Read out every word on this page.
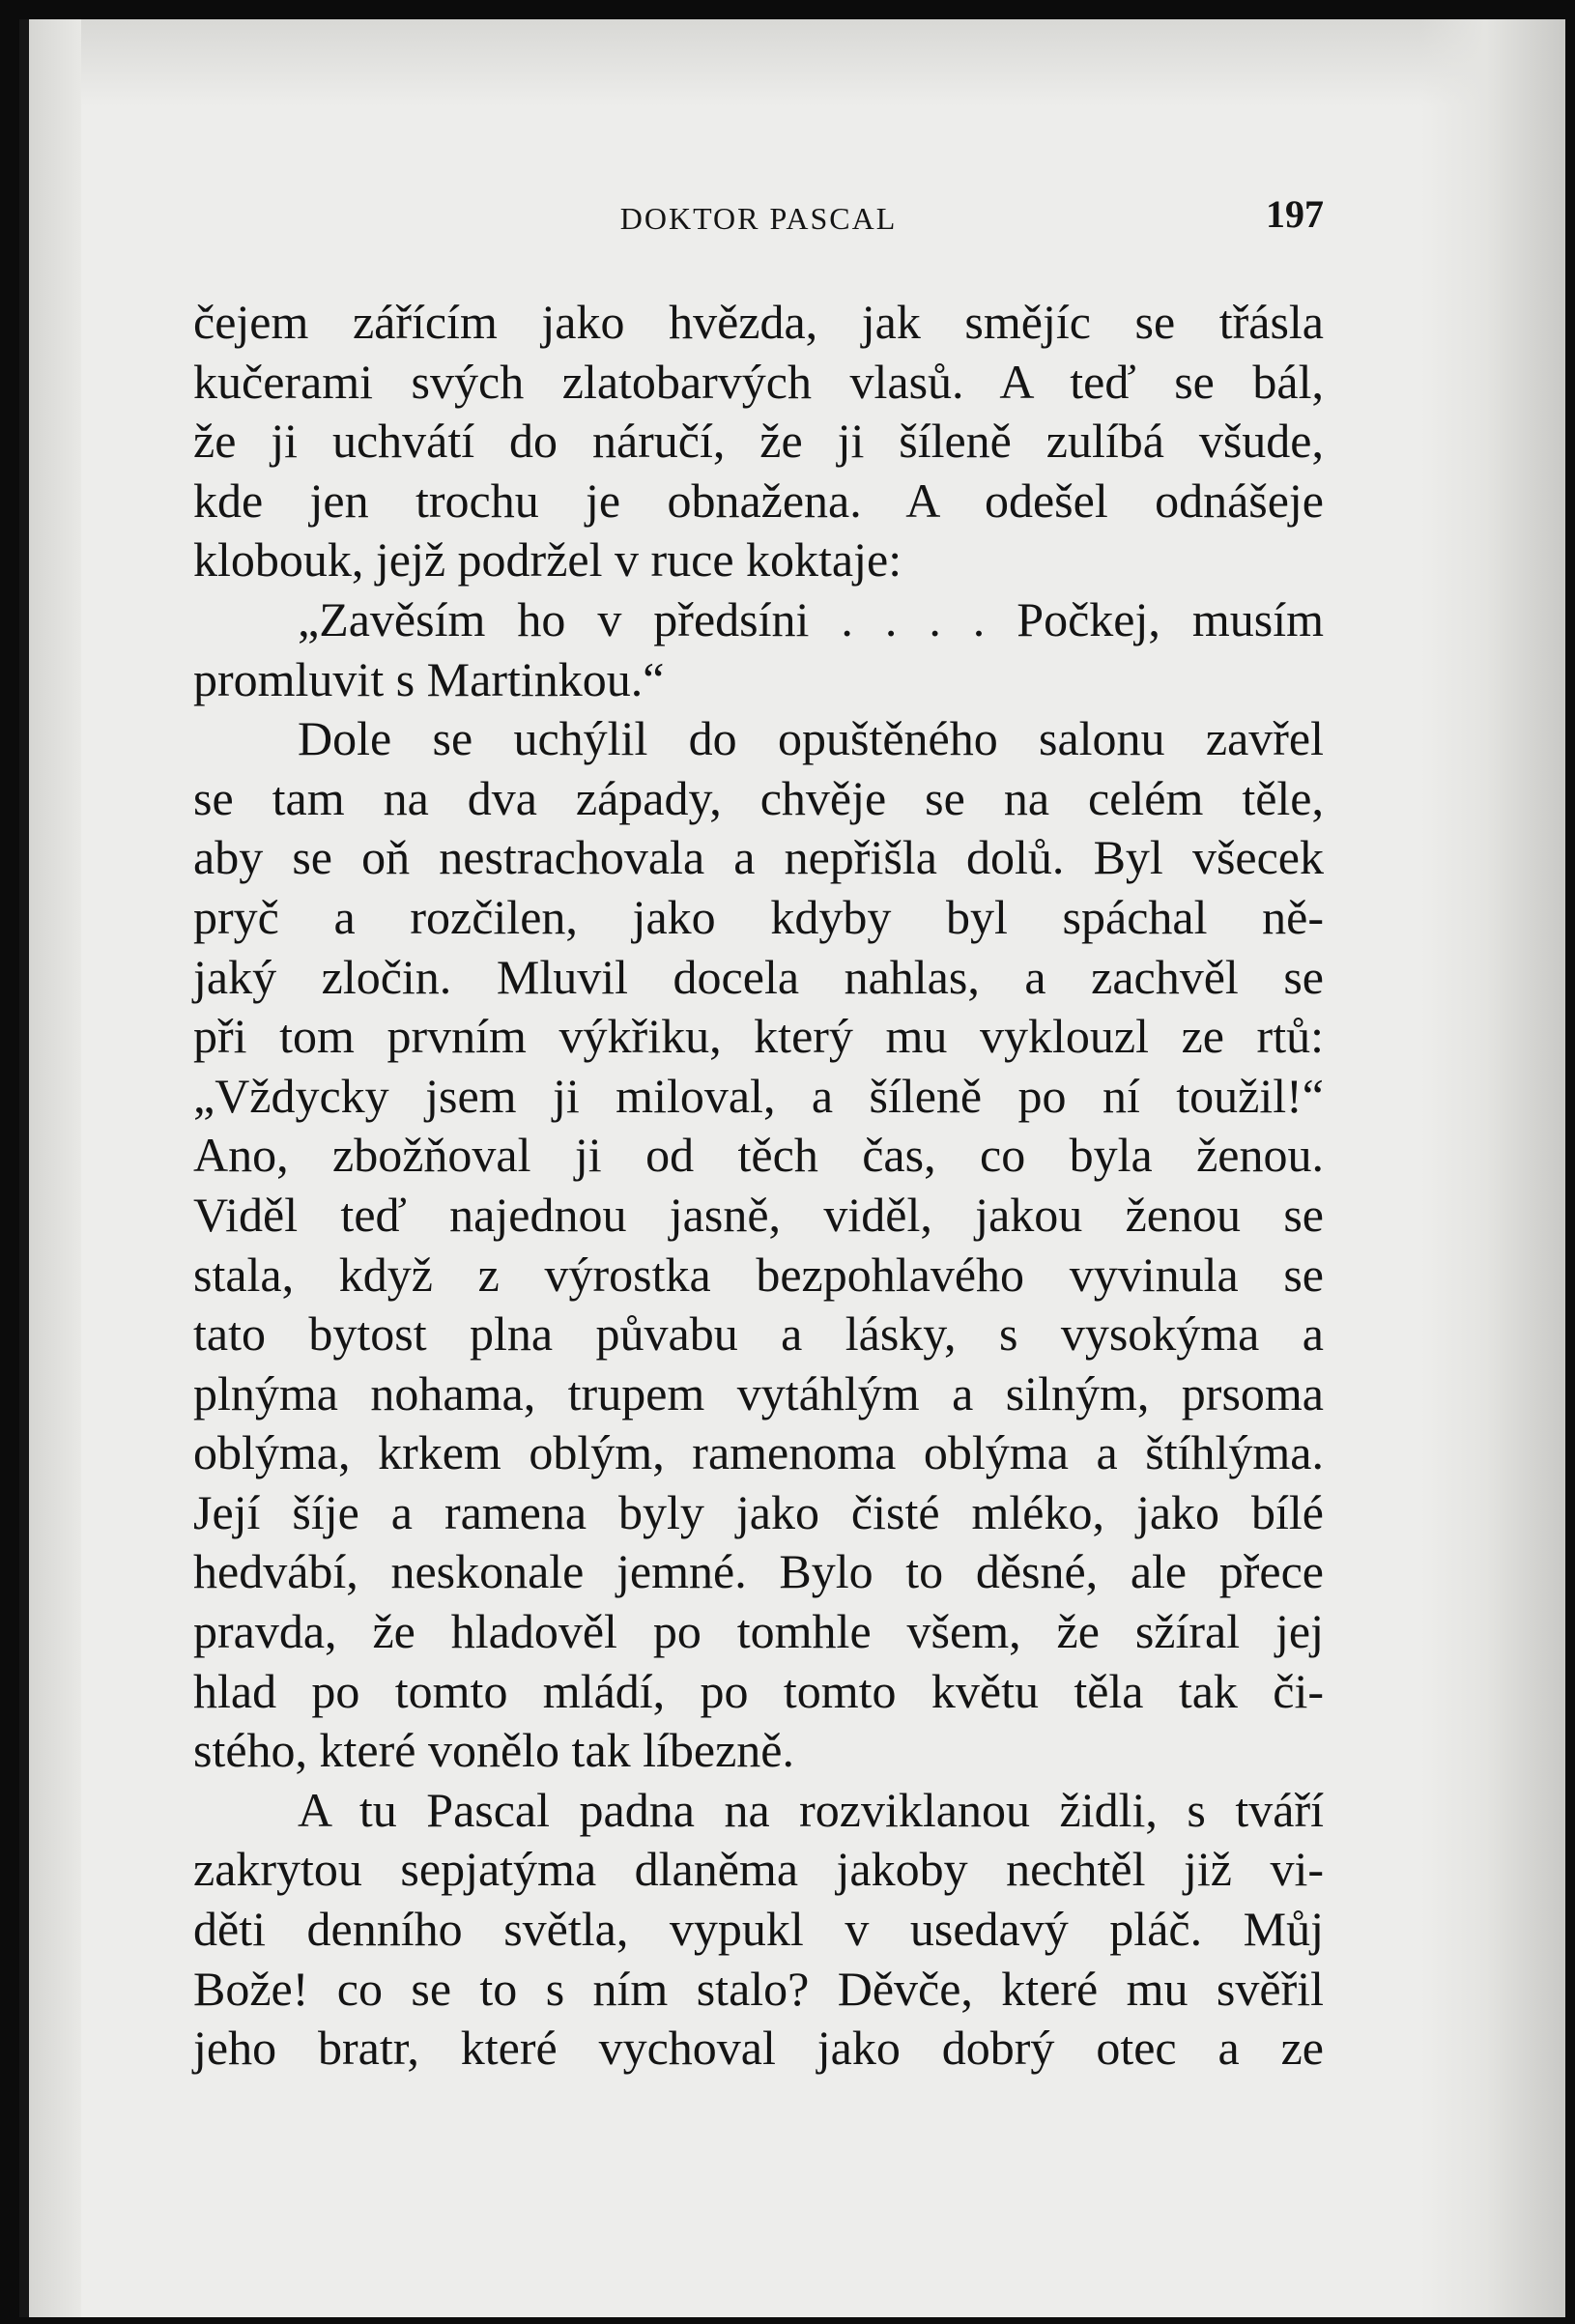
DOKTOR PASCAL	197
čejem zářícím jako hvězda, jak smějíc se třásla
kučerami svých zlatobarvých vlasů. A teď se bál,
že ji uchvátí do náručí, že ji šíleně zulíbá všude,
kde jen trochu je obnažena. A odešel odnášeje
klobouk, jejž podržel v ruce koktaje:
„Zavěsím ho v předsíni . . . . Počkej, musím
promluvit s Martinkou.“
Dole se uchýlil do opuštěného salonu zavřel
se tam na dva západy, chvěje se na celém těle,
aby se oň nestrachovala a nepřišla dolů. Byl všecek
pryč a rozčilen, jako kdyby byl spáchal ně-
jaký zločin. Mluvil docela nahlas, a zachvěl se
při tom prvním výkřiku, který mu vyklouzl ze rtů:
„Vždycky jsem ji miloval, a šíleně po ní toužil!“
Ano, zbožňoval ji od těch čas, co byla ženou.
Viděl teď najednou jasně, viděl, jakou ženou se
stala, když z výrostka bezpohlavého vyvinula se
tato bytost plna půvabu a lásky, s vysokýma a
plnýma nohama, trupem vytáhlým a silným, prsoma
oblýma, krkem oblým, ramenoma oblýma a štíhlýma.
Její šíje a ramena byly jako čisté mléko, jako bílé
hedvábí, neskonale jemné. Bylo to děsné, ale přece
pravda, že hladověl po tomhle všem, že sžíral jej
hlad po tomto mládí, po tomto květu těla tak či-
stého, které vonělo tak líbezně.
A tu Pascal padna na rozviklanou židli, s tváří
zakrytou sepjatýma dlaněma jakoby nechtěl již vi-
děti denního světla, vypukl v usedavý pláč. Můj
Bože! co se to s ním stalo? Děvče, které mu svěřil
jeho bratr, které vychoval jako dobrý otec a ze
